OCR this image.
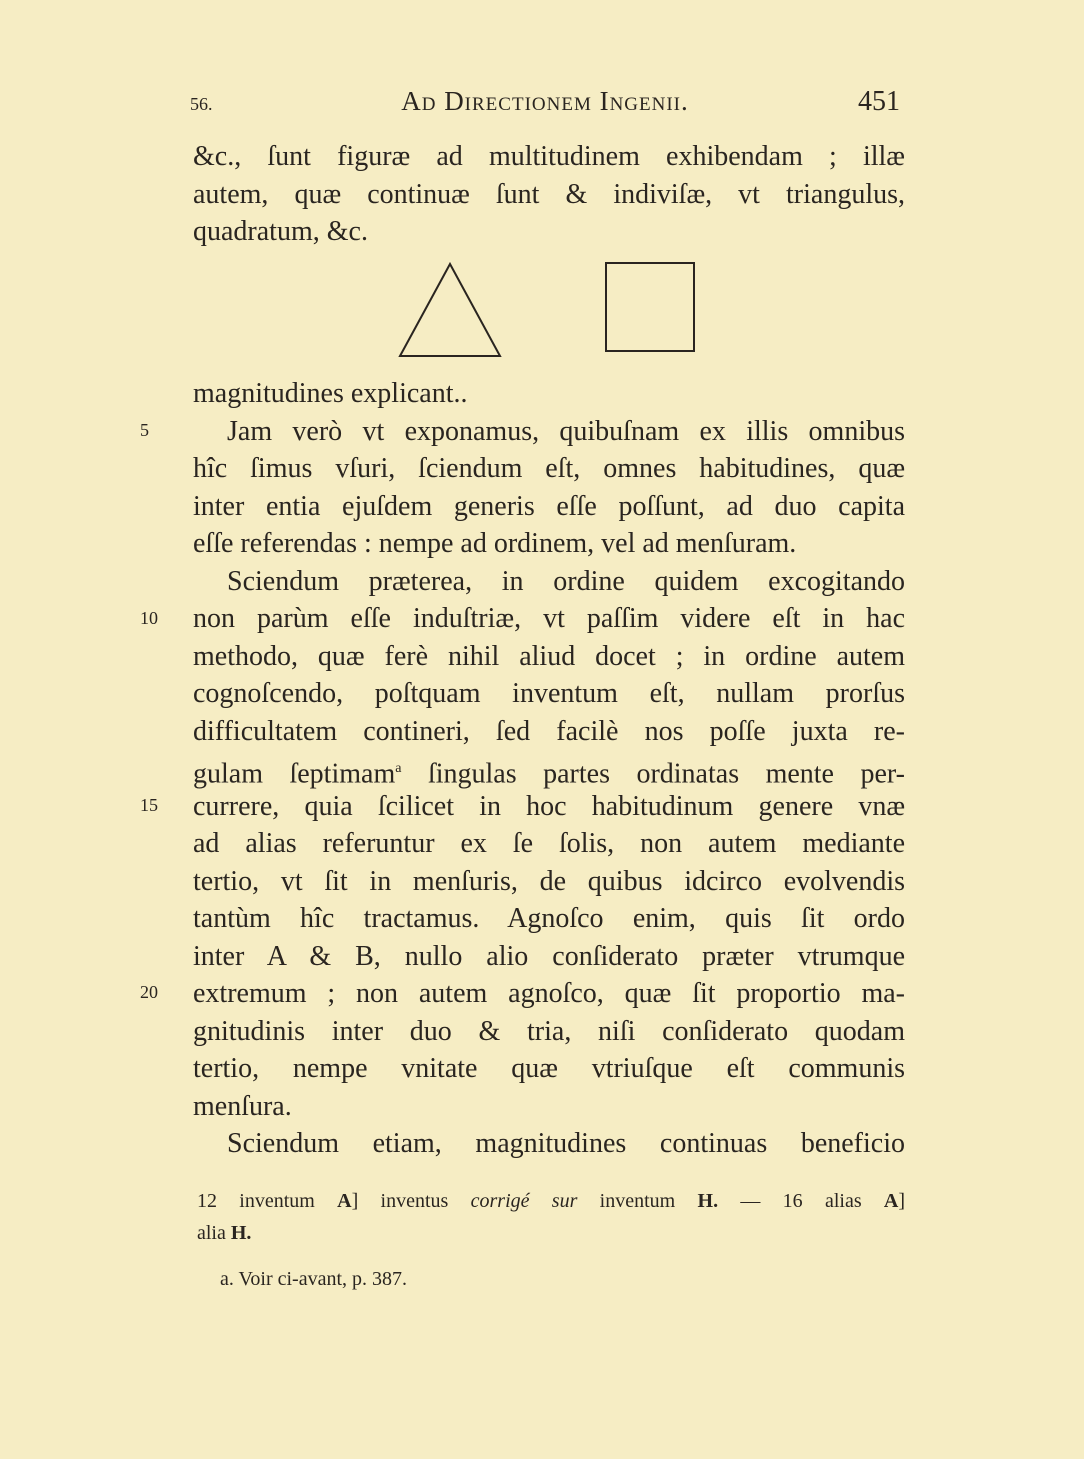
56.	Ad Directionem Ingenii.	451
&c., ſunt figuræ ad multitudinem exhibendam ; illæ
autem, quæ continuæ ſunt & indiviſæ, vt triangulus,
quadratum, &c.
magnitudines explicant..
Jam verò vt exponamus, quibuſnam ex illis omnibus
hîc ſimus vſuri, ſciendum eſt, omnes habitudines, quæ
inter entia ejuſdem generis eſſe poſſunt, ad duo capita
eſſe referendas : nempe ad ordinem, vel ad menſuram.
Sciendum præterea, in ordine quidem excogitando
non parùm eſſe induſtriæ, vt paſſim videre eſt in hac
methodo, quæ ferè nihil aliud docet ; in ordine autem
cognoſcendo, poſtquam inventum eſt, nullam prorſus
difficultatem contineri, ſed facilè nos poſſe juxta re-
gulam ſeptimam$^a$ ſingulas partes ordinatas mente per-
currere, quia ſcilicet in hoc habitudinum genere vnæ
ad alias referuntur ex ſe ſolis, non autem mediante
tertio, vt ſit in menſuris, de quibus idcirco evolvendis
tantùm hîc tractamus. Agnoſco enim, quis ſit ordo
inter A & B, nullo alio conſiderato præter vtrumque
extremum ; non autem agnoſco, quæ ſit proportio ma-
gnitudinis inter duo & tria, niſi conſiderato quodam
tertio, nempe vnitate quæ vtriuſque eſt communis
menſura.
Sciendum etiam, magnitudines continuas beneficio
5
10
15
20
12 inventum A] inventus corrigé sur inventum H. — 16 alias A]
alia H.
a. Voir ci-avant, p. 387.
